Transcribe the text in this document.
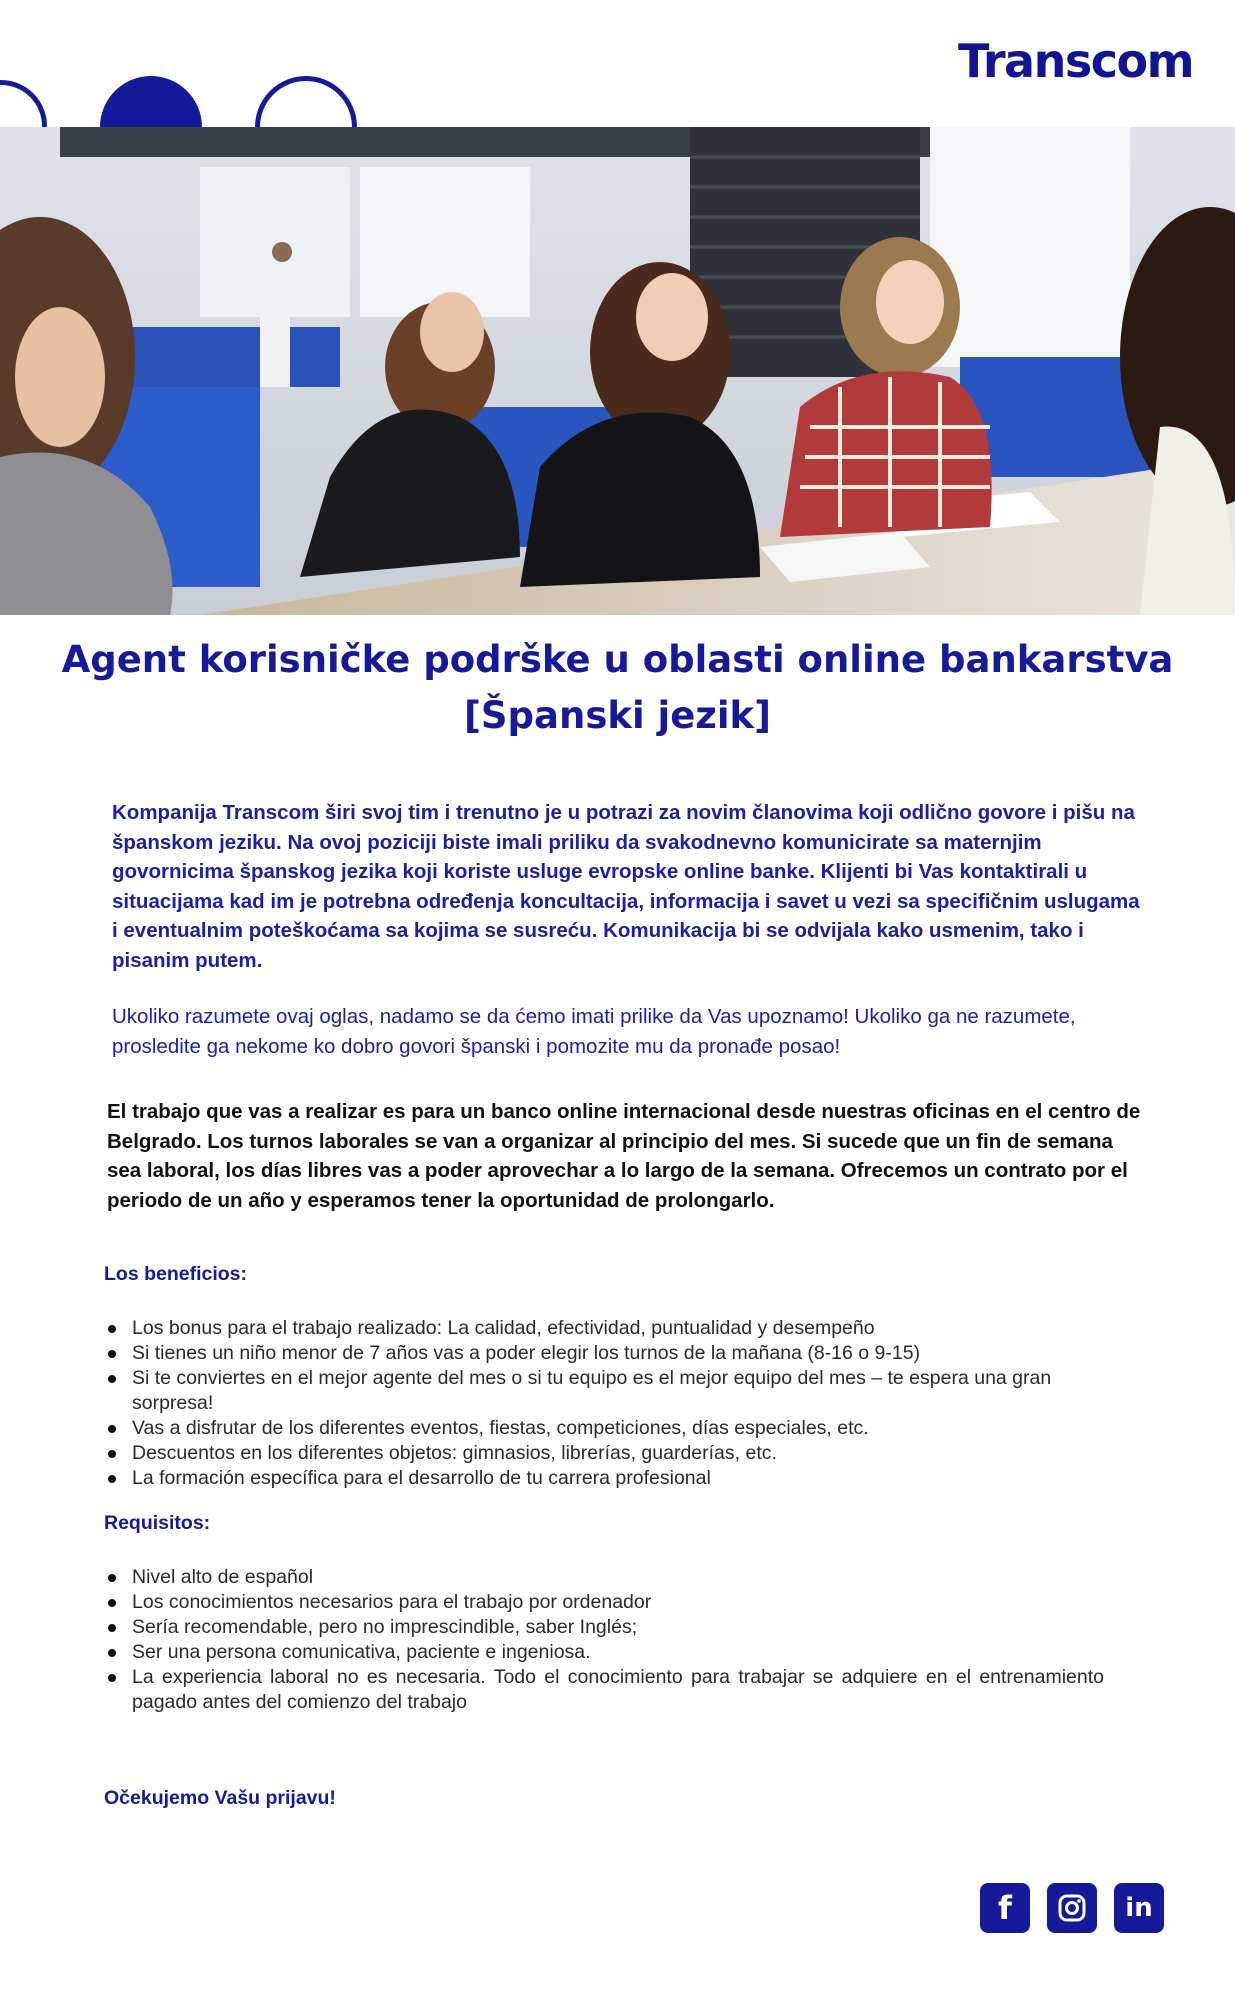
Transcom
Agent korisničke podrške u oblasti online bankarstva [Španski jezik]

Kompanija Transcom širi svoj tim i trenutno je u potrazi za novim članovima koji odlično govore i pišu na španskom jeziku. Na ovoj poziciji biste imali priliku da svakodnevno komunicirate sa maternjim govornicima španskog jezika koji koriste usluge evropske online banke. Klijenti bi Vas kontaktirali u situacijama kad im je potrebna određenja koncultacija, informacija i savet u vezi sa specifičnim uslugama i eventualnim poteškoćama sa kojima se susreću. Komunikacija bi se odvijala kako usmenim, tako i pisanim putem.

Ukoliko razumete ovaj oglas, nadamo se da ćemo imati prilike da Vas upoznamo! Ukoliko ga ne razumete, prosledite ga nekome ko dobro govori španski i pomozite mu da pronađe posao!

El trabajo que vas a realizar es para un banco online internacional desde nuestras oficinas en el centro de Belgrado. Los turnos laborales se van a organizar al principio del mes. Si sucede que un fin de semana sea laboral, los días libres vas a poder aprovechar a lo largo de la semana. Ofrecemos un contrato por el periodo de un año y esperamos tener la oportunidad de prolongarlo.

Los beneficios:

Los bonus para el trabajo realizado: La calidad, efectividad, puntualidad y desempeño
Si tienes un niño menor de 7 años vas a poder elegir los turnos de la mañana (8-16 o 9-15)
Si te conviertes en el mejor agente del mes o si tu equipo es el mejor equipo del mes – te espera una gran sorpresa!
Vas a disfrutar de los diferentes eventos, fiestas, competiciones, días especiales, etc.
Descuentos en los diferentes objetos: gimnasios, librerías, guarderías, etc.
La formación específica para el desarrollo de tu carrera profesional

Requisitos:

Nivel alto de español
Los conocimientos necesarios para el trabajo por ordenador
Sería recomendable, pero no imprescindible, saber Inglés;
Ser una persona comunicativa, paciente e ingeniosa.
La experiencia laboral no es necesaria. Todo el conocimiento para trabajar se adquiere en el entrenamiento pagado antes del comienzo del trabajo

Očekujemo Vašu prijavu!

f	in
